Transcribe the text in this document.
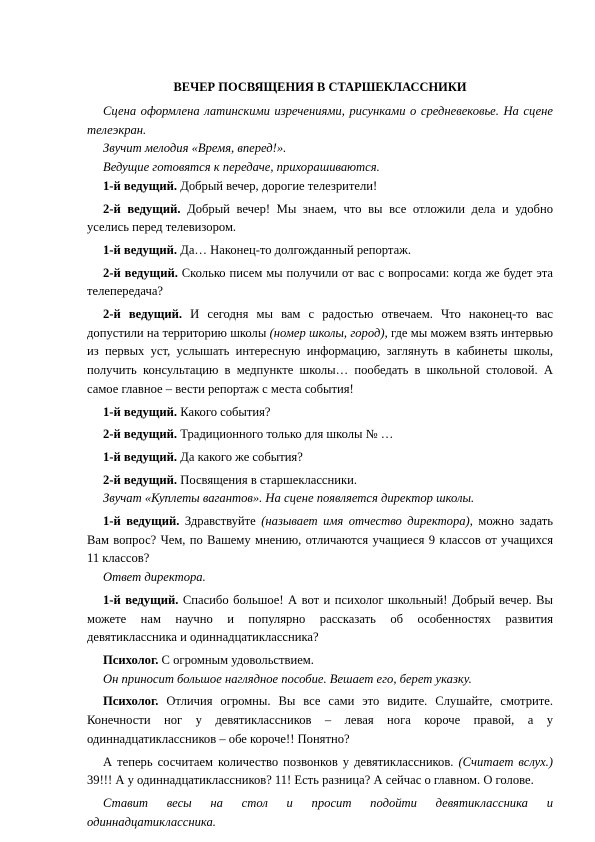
ВЕЧЕР ПОСВЯЩЕНИЯ В СТАРШЕКЛАССНИКИ

Сцена оформлена латинскими изречениями, рисунками о средневековье. На сцене телеэкран.

Звучит мелодия «Время, вперед!».

Ведущие готовятся к передаче, прихорашиваются.

1-й ведущий. Добрый вечер, дорогие телезрители!

2-й ведущий. Добрый вечер! Мы знаем, что вы все отложили дела и удобно уселись перед телевизором.

1-й ведущий. Да… Наконец-то долгожданный репортаж.

2-й ведущий. Сколько писем мы получили от вас с вопросами: когда же будет эта телепередача?

2-й ведущий. И сегодня мы вам с радостью отвечаем. Что наконец-то вас допустили на территорию школы (номер школы, город), где мы можем взять интервью из первых уст, услышать интересную информацию, заглянуть в кабинеты школы, получить консультацию в медпункте школы… пообедать в школьной столовой. А самое главное – вести репортаж с места события!

1-й ведущий. Какого события?

2-й ведущий. Традиционного только для школы № …

1-й ведущий. Да какого же события?

2-й ведущий. Посвящения в старшеклассники.

Звучат «Куплеты вагантов». На сцене появляется директор школы.

1-й ведущий. Здравствуйте (называет имя отчество директора), можно задать Вам вопрос? Чем, по Вашему мнению, отличаются учащиеся 9 классов от учащихся 11 классов?

Ответ директора.

1-й ведущий. Спасибо большое! А вот и психолог школьный! Добрый вечер. Вы можете нам научно и популярно рассказать об особенностях развития девятиклассника и одиннадцатиклассника?

Психолог. С огромным удовольствием.

Он приносит большое наглядное пособие. Вешает его, берет указку.

Психолог. Отличия огромны. Вы все сами это видите. Слушайте, смотрите. Конечности ног у девятиклассников – левая нога короче правой, а у одиннадцатиклассников – обе короче!! Понятно?

А теперь сосчитаем количество позвонков у девятиклассников. (Считает вслух.) 39!!! А у одиннадцатиклассников? 11! Есть разница? А сейчас о главном. О голове.

Ставит весы на стол и просит подойти девятиклассника и одиннадцатиклассника.
